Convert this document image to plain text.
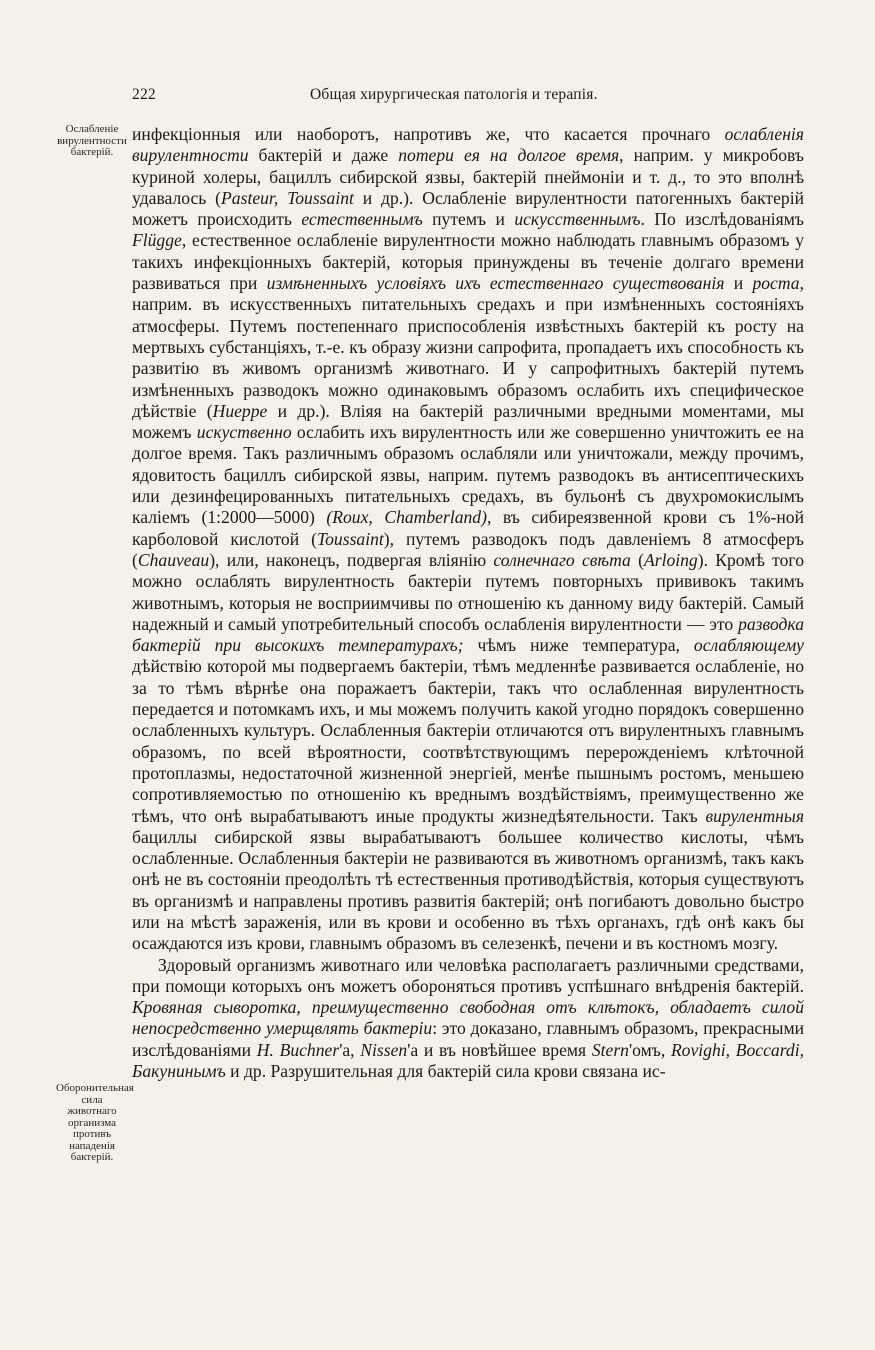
222	Общая хирургическая патологія и терапія.
Ослабленіе вирулентности бактерій.
Оборонительная сила животнаго организма противъ нападенія бактерій.

инфекціонныя или наоборотъ, напротивъ же, что касается прочнаго ослабленія вирулентности бактерій и даже потери ея на долгое время, наприм. у микробовъ куриной холеры, бациллъ сибирской язвы, бактерій пнеймоніи и т. д., то это вполнѣ удавалось (Pasteur, Toussaint и др.). Ослабленіе вирулентности патогенныхъ бактерій можетъ происходить естественнымъ путемъ и искусственнымъ. По изслѣдованіямъ Flügge, естественное ослабленіе вирулентности можно наблюдать главнымъ образомъ у такихъ инфекціонныхъ бактерій, которыя принуждены въ теченіе долгаго времени развиваться при измѣненныхъ условіяхъ ихъ естественнаго существованія и роста, наприм. въ искусственныхъ питательныхъ средахъ и при измѣненныхъ состояніяхъ атмосферы. Путемъ постепеннаго приспособленія извѣстныхъ бактерій къ росту на мертвыхъ субстанціяхъ, т.-е. къ образу жизни сапрофита, пропадаетъ ихъ способность къ развитію въ живомъ организмѣ животнаго. И у сапрофитныхъ бактерій путемъ измѣненныхъ разводокъ можно одинаковымъ образомъ ослабить ихъ специфическое дѣйствіе (Hueppe и др.). Вліяя на бактерій различными вредными моментами, мы можемъ искуственно ослабить ихъ вирулентность или же совершенно уничтожить ее на долгое время. Такъ различнымъ образомъ ослабляли или уничтожали, между прочимъ, ядовитость бациллъ сибирской язвы, наприм. путемъ разводокъ въ антисептическихъ или дезинфецированныхъ питательныхъ средахъ, въ бульонѣ съ двухромокислымъ каліемъ (1:2000—5000) (Roux, Chamberland), въ сибиреязвенной крови съ 1%-ной карболовой кислотой (Toussaint), путемъ разводокъ подъ давленіемъ 8 атмосферъ (Chauveau), или, наконецъ, подвергая вліянію солнечнаго свѣта (Arloing). Кромѣ того можно ослаблять вирулентность бактеріи путемъ повторныхъ прививокъ такимъ животнымъ, которыя не восприимчивы по отношенію къ данному виду бактерій. Самый надежный и самый употребительный способъ ослабленія вирулентности — это разводка бактерій при высокихъ температурахъ; чѣмъ ниже температура, ослабляющему дѣйствію которой мы подвергаемъ бактеріи, тѣмъ медленнѣе развивается ослабленіе, но за то тѣмъ вѣрнѣе она поражаетъ бактеріи, такъ что ослабленная вирулентность передается и потомкамъ ихъ, и мы можемъ получить какой угодно порядокъ совершенно ослабленныхъ культуръ. Ослабленныя бактеріи отличаются отъ вирулентныхъ главнымъ образомъ, по всей вѣроятности, соотвѣтствующимъ перерожденіемъ клѣточной протоплазмы, недостаточной жизненной энергіей, менѣе пышнымъ ростомъ, меньшею сопротивляемостью по отношенію къ вреднымъ воздѣйствіямъ, преимущественно же тѣмъ, что онѣ вырабатываютъ иные продукты жизнедѣятельности. Такъ вирулентныя бациллы сибирской язвы вырабатываютъ большее количество кислоты, чѣмъ ослабленные. Ослабленныя бактеріи не развиваются въ животномъ организмѣ, такъ какъ онѣ не въ состояніи преодолѣть тѣ естественныя противодѣйствія, которыя существуютъ въ организмѣ и направлены противъ развитія бактерій; онѣ погибаютъ довольно быстро или на мѣстѣ зараженія, или въ крови и особенно въ тѣхъ органахъ, гдѣ онѣ какъ бы осаждаются изъ крови, главнымъ образомъ въ селезенкѣ, печени и въ костномъ мозгу.

Здоровый организмъ животнаго или человѣка располагаетъ различными средствами, при помощи которыхъ онъ можетъ обороняться противъ успѣшнаго внѣдренія бактерій. Кровяная сыворотка, преимущественно свободная отъ клѣтокъ, обладаетъ силой непосредственно умерщвлять бактеріи: это доказано, главнымъ образомъ, прекрасными изслѣдованіями H. Buchner'а, Nissen'а и въ новѣйшее время Stern'омъ, Rovighi, Boccardi, Бакунинымъ и др. Разрушительная для бактерій сила крови связана ис-
